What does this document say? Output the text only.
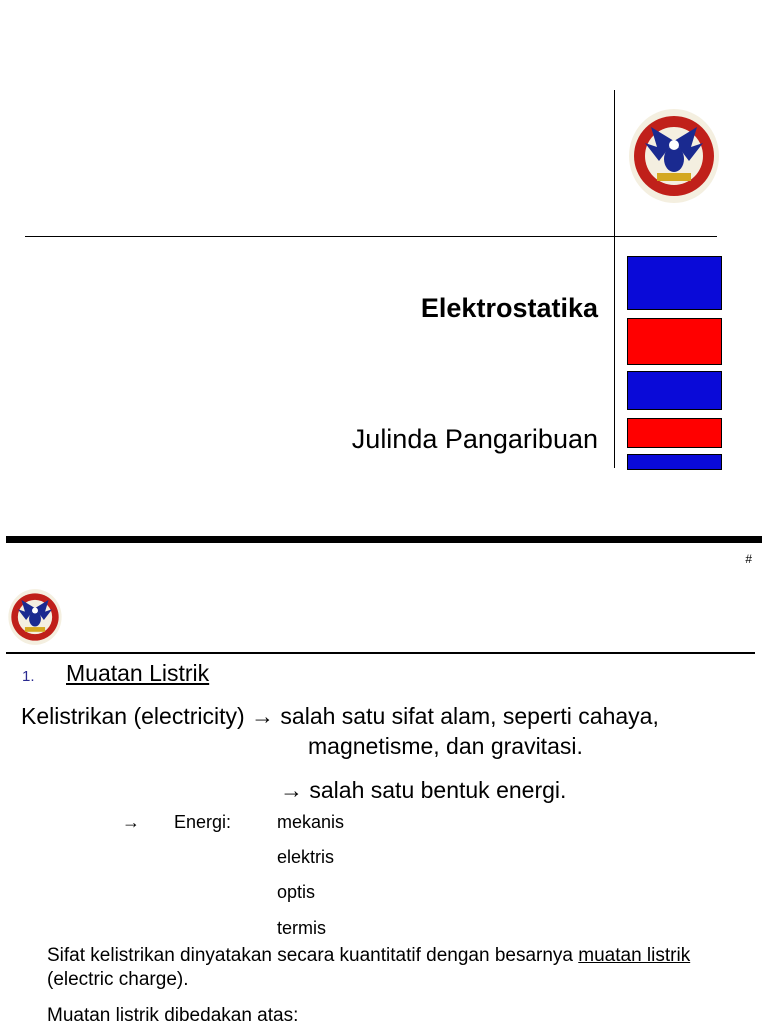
Elektrostatika
Julinda Pangaribuan
#
1. Muatan Listrik
Kelistrikan (electricity) → salah satu sifat alam, seperti cahaya,
magnetisme, dan gravitasi.
→ salah satu bentuk energi.
→ Energi:	mekanis
elektris
optis
termis
Sifat kelistrikan dinyatakan secara kuantitatif dengan besarnya muatan listrik (electric charge).
Muatan listrik dibedakan atas:
